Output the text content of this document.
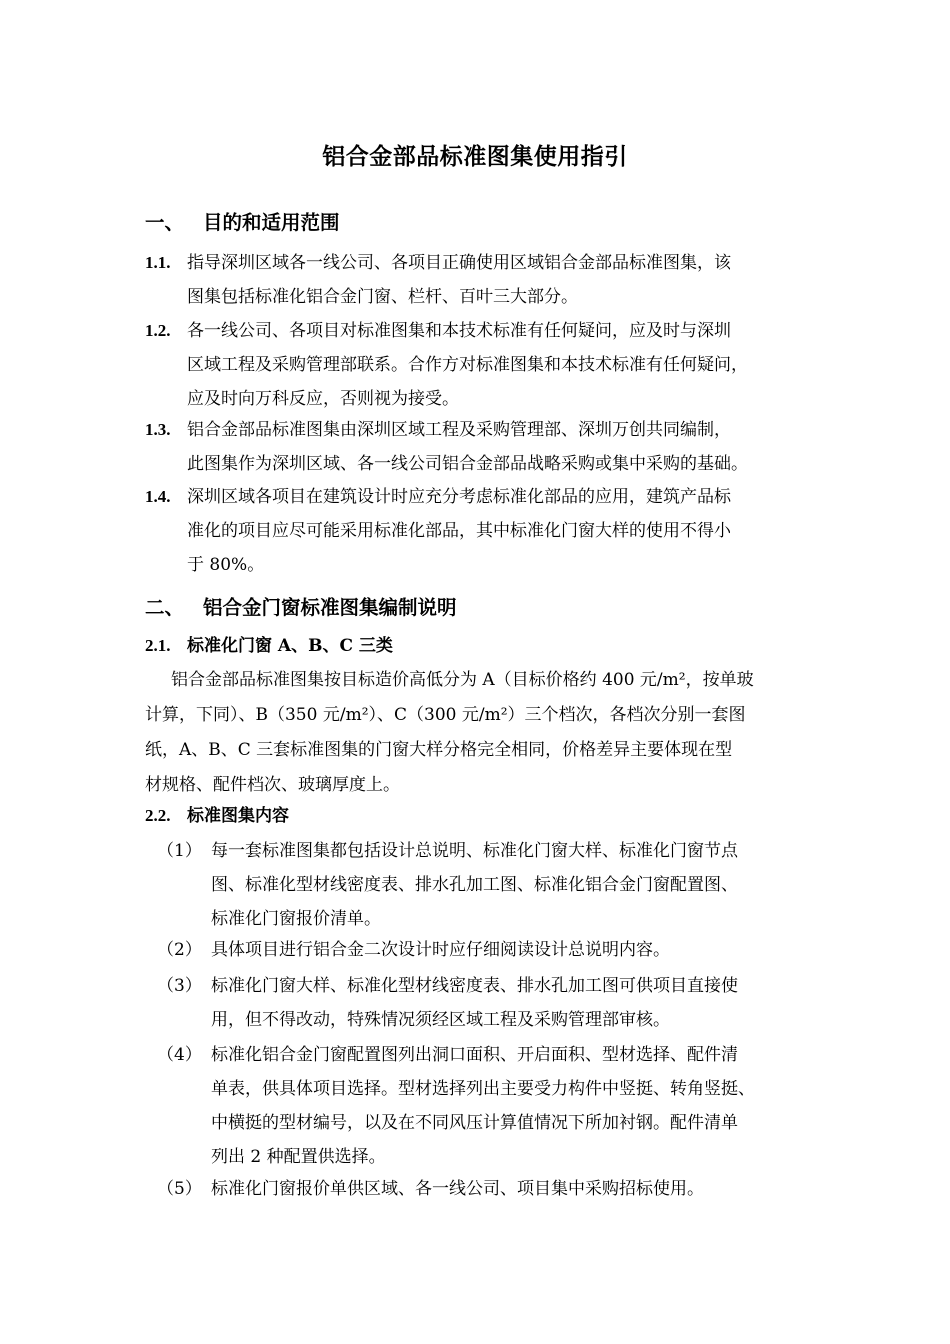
铝合金部品标准图集使用指引
一、 目的和适用范围
1.1. 指导深圳区域各一线公司、各项目正确使用区域铝合金部品标准图集，该
图集包括标准化铝合金门窗、栏杆、百叶三大部分。
1.2. 各一线公司、各项目对标准图集和本技术标准有任何疑问，应及时与深圳
区域工程及采购管理部联系。合作方对标准图集和本技术标准有任何疑问，
应及时向万科反应，否则视为接受。
1.3. 铝合金部品标准图集由深圳区域工程及采购管理部、深圳万创共同编制，
此图集作为深圳区域、各一线公司铝合金部品战略采购或集中采购的基础。
1.4. 深圳区域各项目在建筑设计时应充分考虑标准化部品的应用，建筑产品标
准化的项目应尽可能采用标准化部品，其中标准化门窗大样的使用不得小
于 80%。
二、 铝合金门窗标准图集编制说明
2.1. 标准化门窗 A、B、C 三类
铝合金部品标准图集按目标造价高低分为 A（目标价格约 400 元/m²，按单玻
计算，下同）、B（350 元/m²）、C（300 元/m²）三个档次，各档次分别一套图
纸，A、B、C 三套标准图集的门窗大样分格完全相同，价格差异主要体现在型
材规格、配件档次、玻璃厚度上。
2.2. 标准图集内容
（1） 每一套标准图集都包括设计总说明、标准化门窗大样、标准化门窗节点
图、标准化型材线密度表、排水孔加工图、标准化铝合金门窗配置图、
标准化门窗报价清单。
（2） 具体项目进行铝合金二次设计时应仔细阅读设计总说明内容。
（3） 标准化门窗大样、标准化型材线密度表、排水孔加工图可供项目直接使
用，但不得改动，特殊情况须经区域工程及采购管理部审核。
（4） 标准化铝合金门窗配置图列出洞口面积、开启面积、型材选择、配件清
单表，供具体项目选择。型材选择列出主要受力构件中竖挺、转角竖挺、
中横挺的型材编号，以及在不同风压计算值情况下所加衬钢。配件清单
列出 2 种配置供选择。
（5） 标准化门窗报价单供区域、各一线公司、项目集中采购招标使用。
